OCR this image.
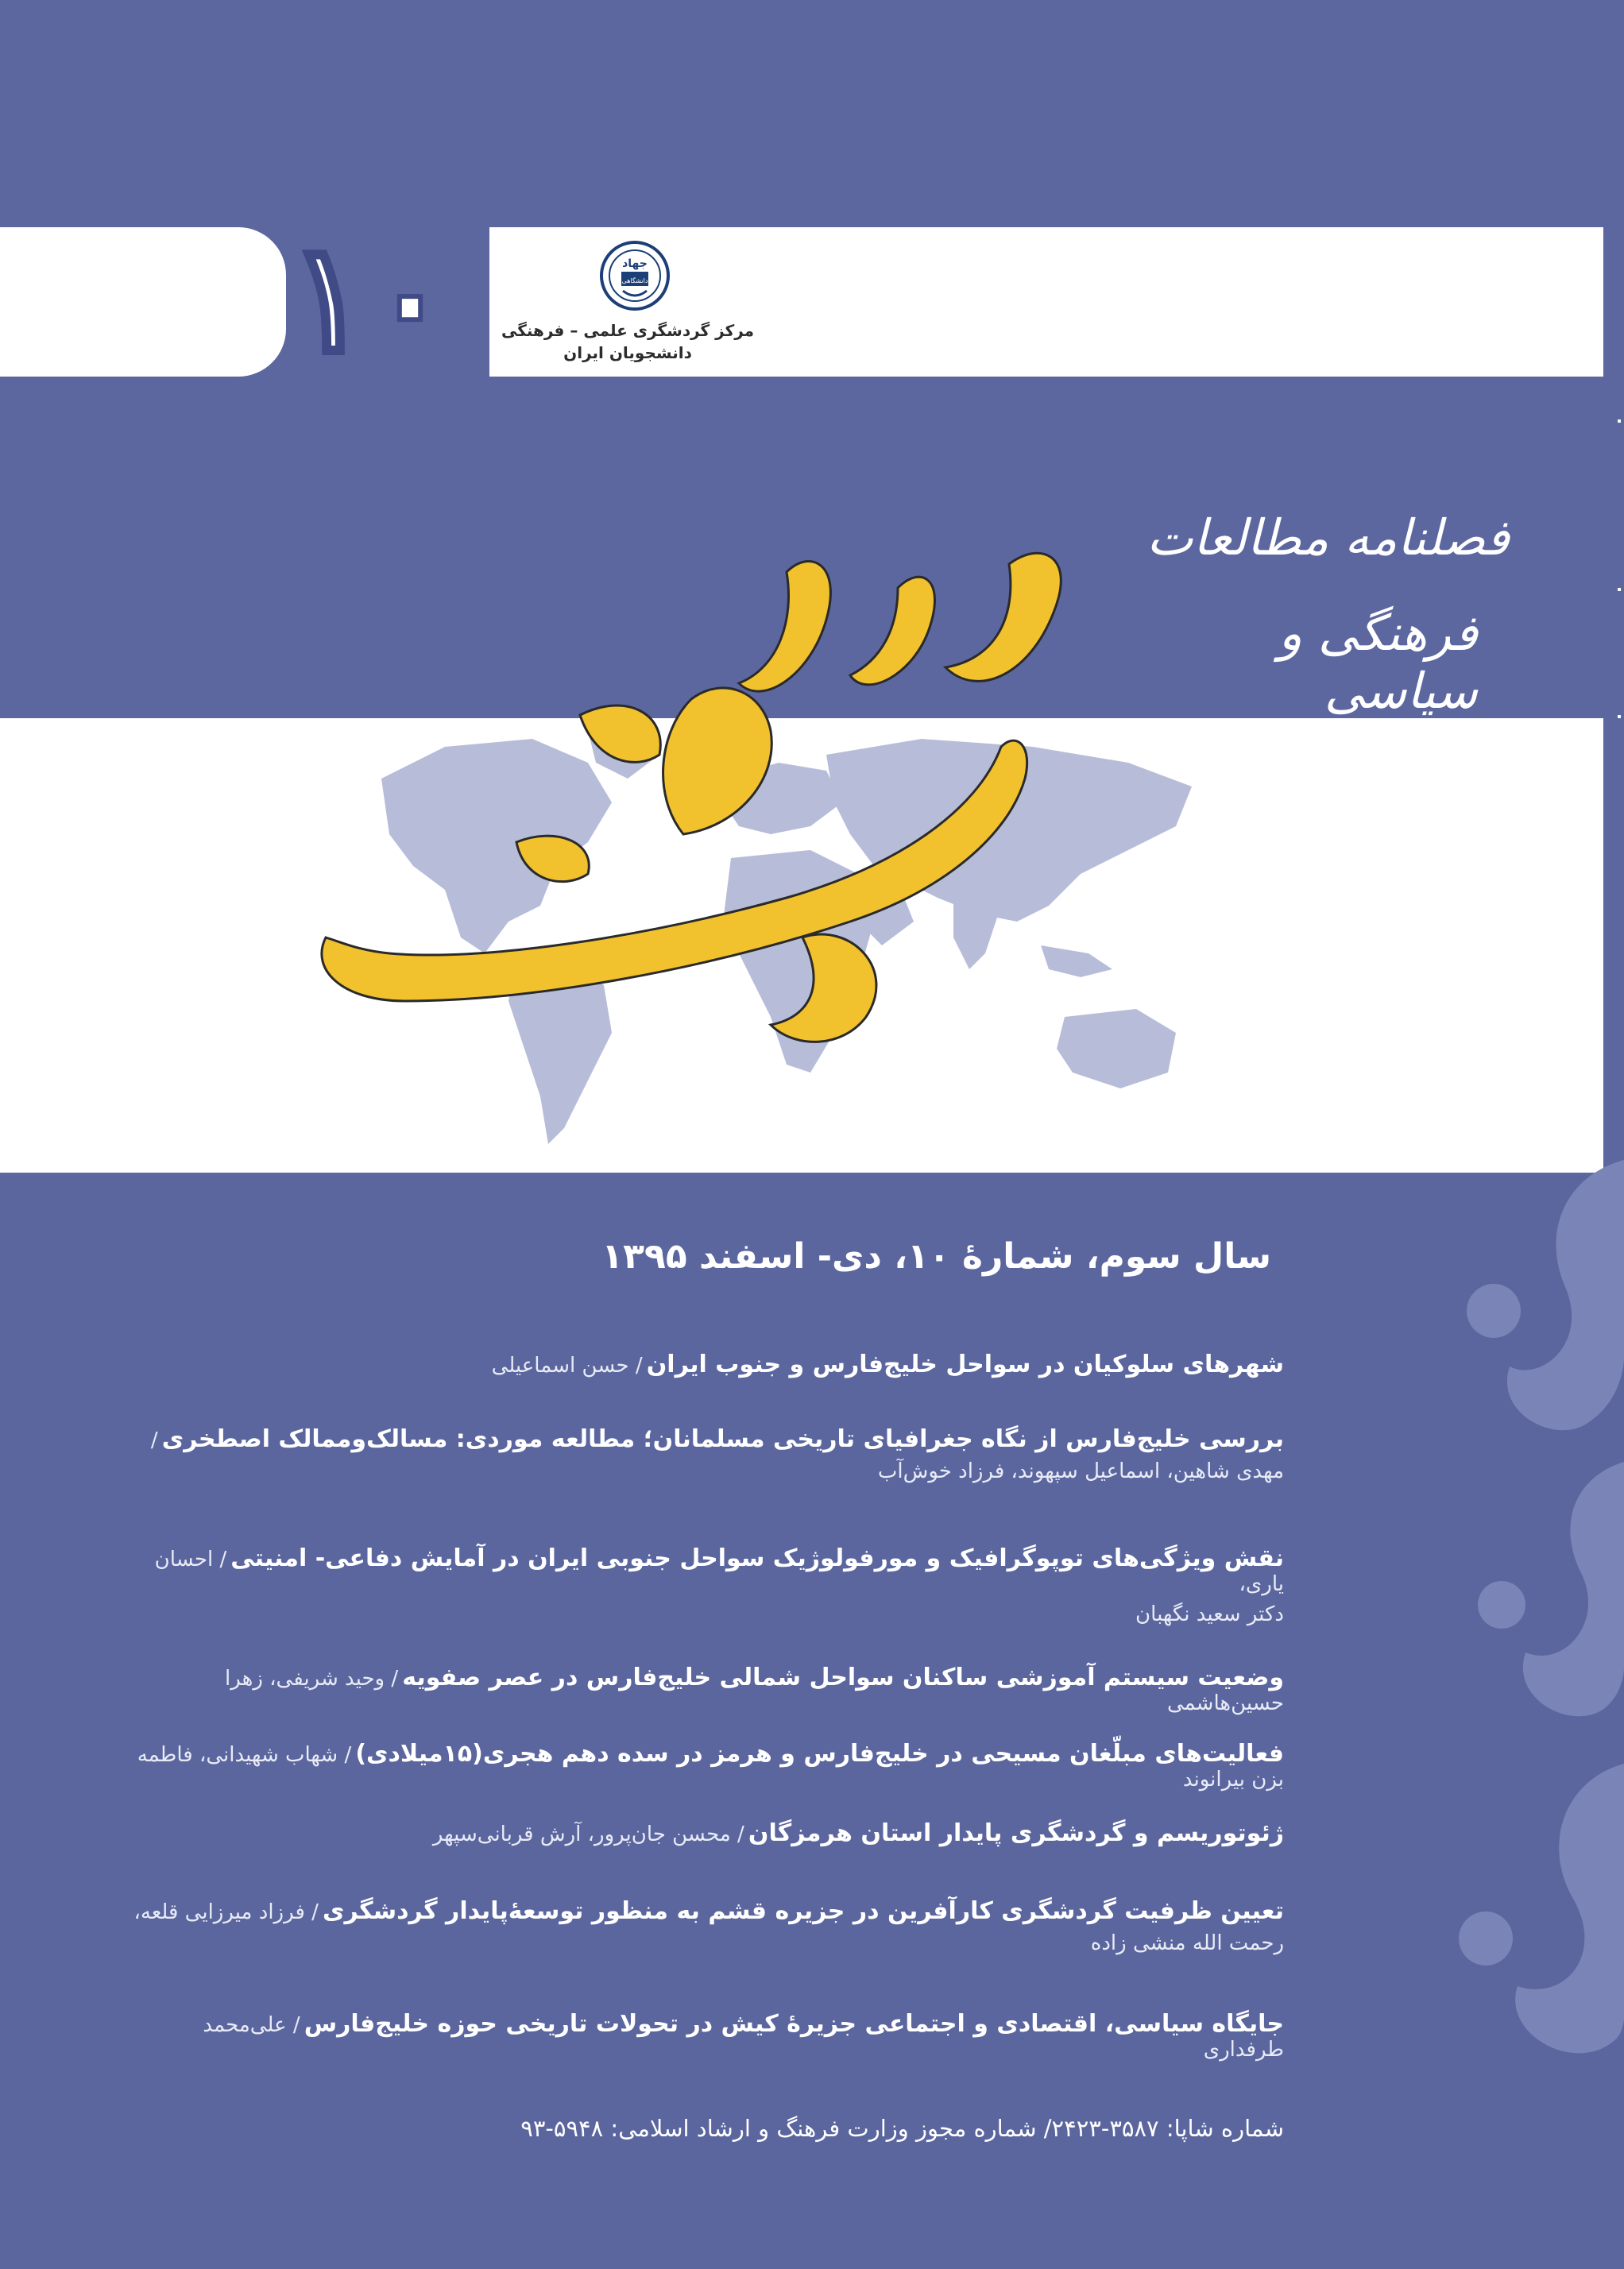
۱۰	جهاد
دانشگاهی
مرکز گردشگری علمی – فرهنگی
دانشجویان ایران
فصلنامه مطالعات
فرهنگی و سیاسی
سال سوم، شمارهٔ ۱۰، دی- اسفند ۱۳۹۵
شهرهای سلوکیان در سواحل خلیج‌فارس و جنوب ایران / حسن اسماعیلی
بررسی خلیج‌فارس از نگاه جغرافیای تاریخی مسلمانان؛ مطالعه موردی: مسالک‌وممالک اصطخری /
مهدی شاهین، اسماعیل سپهوند، فرزاد خوش‌آب
نقش ویژگی‌های توپوگرافیک و مورفولوژیک سواحل جنوبی ایران در آمایش دفاعی- امنیتی / احسان یاری،
دکتر سعید نگهبان
وضعیت سیستم آموزشی ساکنان سواحل شمالی خلیج‌فارس در عصر صفویه / وحید شریفی، زهرا حسین‌هاشمی
فعالیت‌های مبلّغان مسیحی در خلیج‌فارس و هرمز در سده دهم هجری(۱۵میلادی) / شهاب شهیدانی، فاطمه بزن بیرانوند
ژئوتوریسم و گردشگری پایدار استان هرمزگان / محسن جان‌پرور، آرش قربانی‌سپهر
تعیین ظرفیت گردشگری کارآفرین در جزیره قشم به منظور توسعهٔ‌پایدار گردشگری / فرزاد میرزایی قلعه،
رحمت الله منشی زاده
جایگاه سیاسی، اقتصادی و اجتماعی جزیرهٔ کیش در تحولات تاریخی حوزه خلیج‌فارس / علی‌محمد طرفداری
شماره شاپا: ۳۵۸۷-۲۴۲۳/ شماره مجوز وزارت فرهنگ و ارشاد اسلامی: ۵۹۴۸-۹۳
